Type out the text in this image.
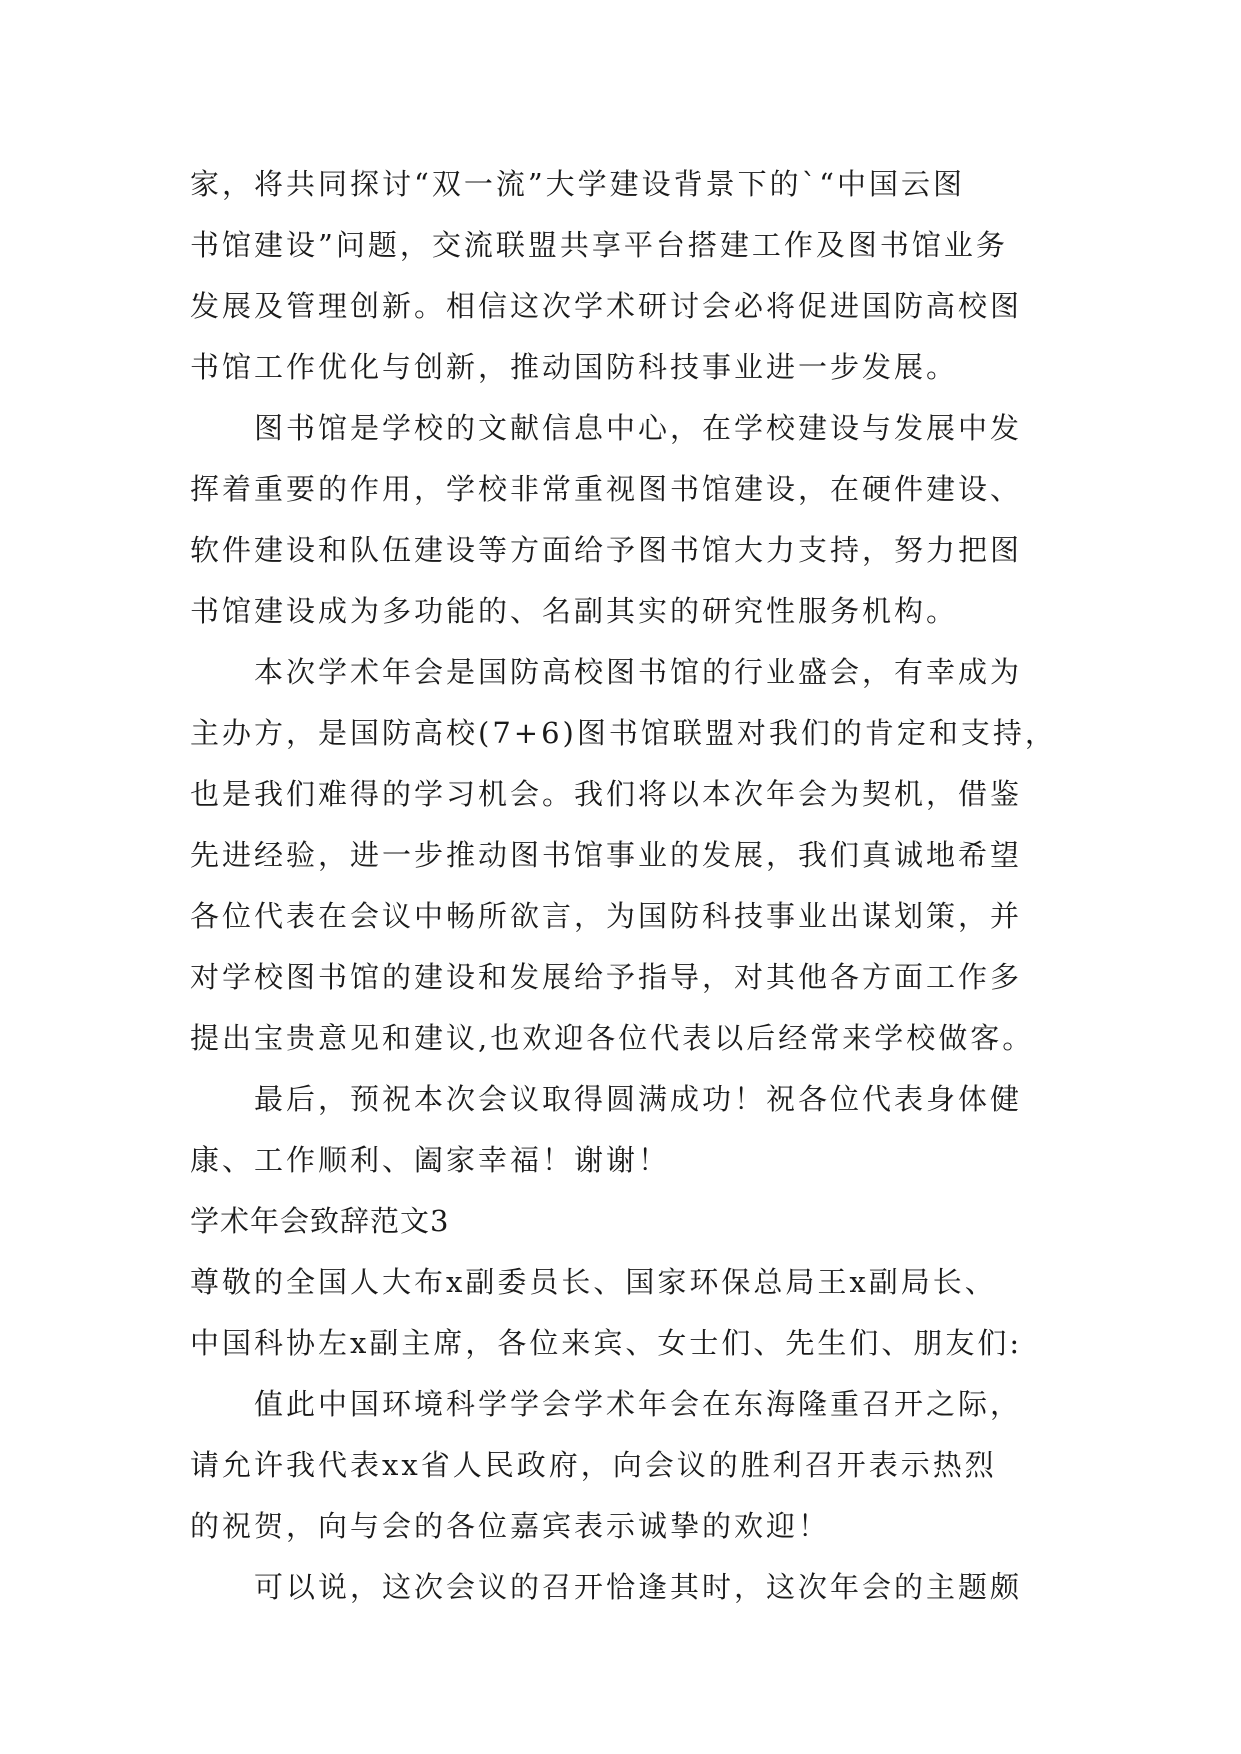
家，将共同探讨“双一流”大学建设背景下的`“中国云图
书馆建设”问题，交流联盟共享平台搭建工作及图书馆业务
发展及管理创新。相信这次学术研讨会必将促进国防高校图
书馆工作优化与创新，推动国防科技事业进一步发展。
图书馆是学校的文献信息中心，在学校建设与发展中发
挥着重要的作用，学校非常重视图书馆建设，在硬件建设、
软件建设和队伍建设等方面给予图书馆大力支持，努力把图
书馆建设成为多功能的、名副其实的研究性服务机构。
本次学术年会是国防高校图书馆的行业盛会，有幸成为
主办方，是国防高校(7+6)图书馆联盟对我们的肯定和支持，
也是我们难得的学习机会。我们将以本次年会为契机，借鉴
先进经验，进一步推动图书馆事业的发展，我们真诚地希望
各位代表在会议中畅所欲言，为国防科技事业出谋划策，并
对学校图书馆的建设和发展给予指导，对其他各方面工作多
提出宝贵意见和建议,也欢迎各位代表以后经常来学校做客。
最后，预祝本次会议取得圆满成功！祝各位代表身体健
康、工作顺利、阖家幸福！谢谢！
学术年会致辞范文3
尊敬的全国人大布x副委员长、国家环保总局王x副局长、
中国科协左x副主席，各位来宾、女士们、先生们、朋友们:
值此中国环境科学学会学术年会在东海隆重召开之际，
请允许我代表xx省人民政府，向会议的胜利召开表示热烈
的祝贺，向与会的各位嘉宾表示诚挚的欢迎！
可以说，这次会议的召开恰逢其时，这次年会的主题颇
